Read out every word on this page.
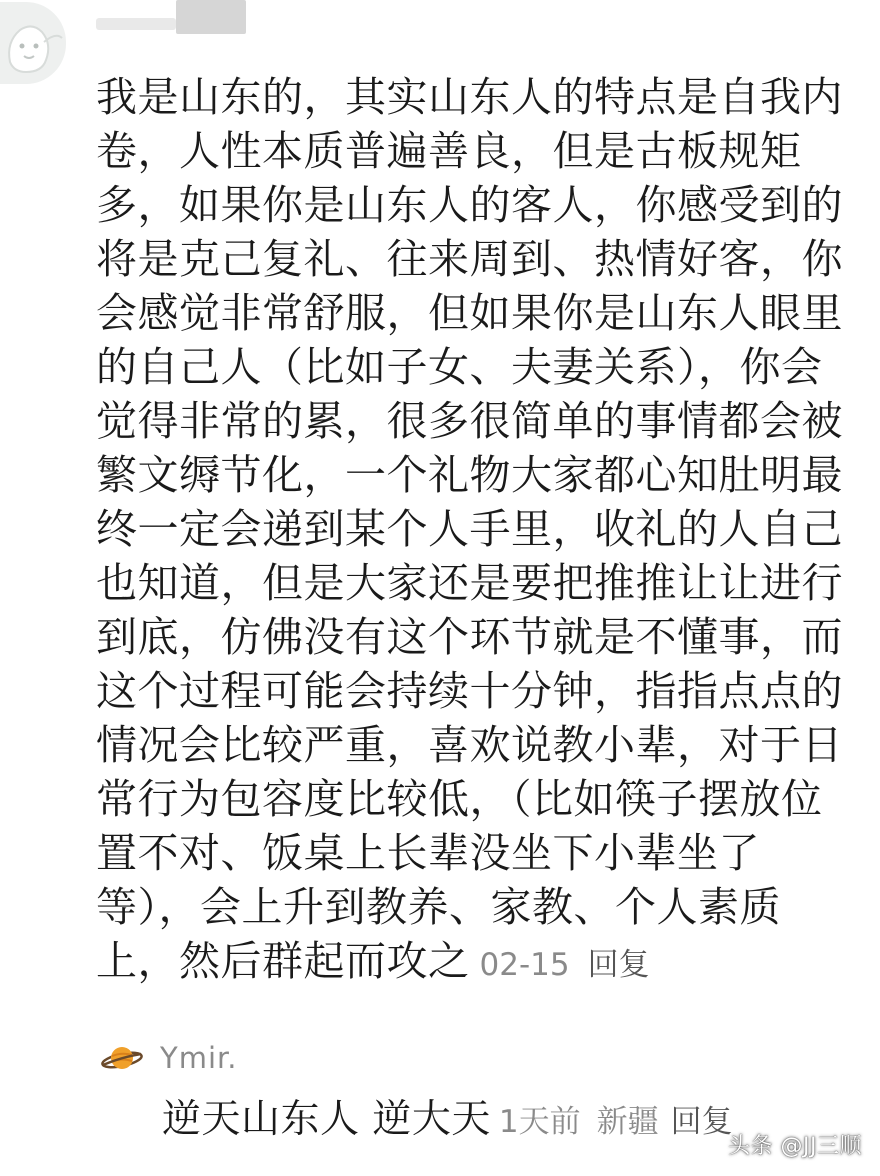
我是山东的，其实山东人的特点是自我内
卷，人性本质普遍善良，但是古板规矩
多，如果你是山东人的客人，你感受到的
将是克己复礼、往来周到、热情好客，你
会感觉非常舒服，但如果你是山东人眼里
的自己人（比如子女、夫妻关系），你会
觉得非常的累，很多很简单的事情都会被
繁文缛节化，一个礼物大家都心知肚明最
终一定会递到某个人手里，收礼的人自己
也知道，但是大家还是要把推推让让进行
到底，仿佛没有这个环节就是不懂事，而
这个过程可能会持续十分钟，指指点点的
情况会比较严重，喜欢说教小辈，对于日
常行为包容度比较低，（比如筷子摆放位
置不对、饭桌上长辈没坐下小辈坐了
等），会上升到教养、家教、个人素质
上，然后群起而攻之 02-15 回复
Ymir.
逆天山东人 逆大天 1天前 新疆 回复
头条 @JJ三顺
